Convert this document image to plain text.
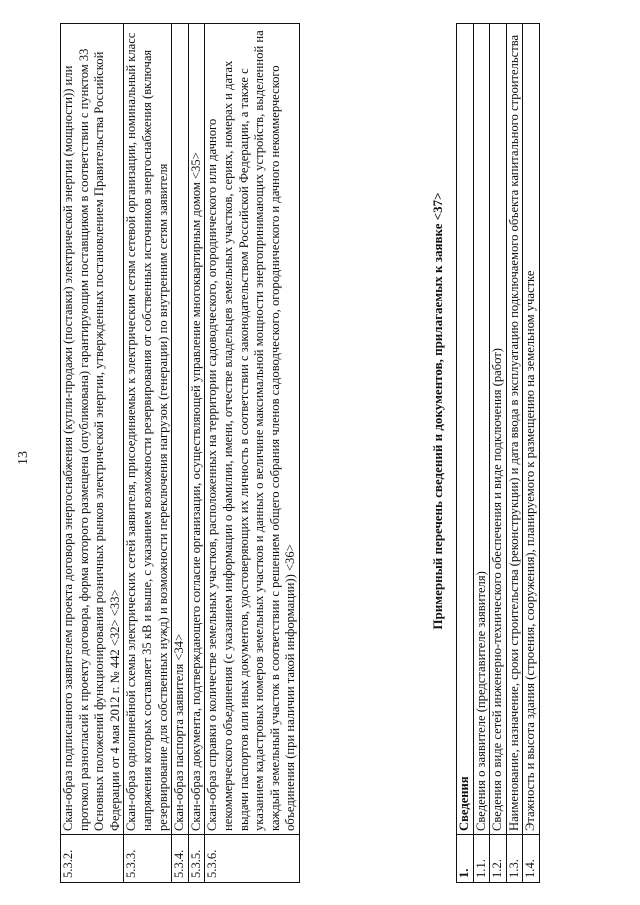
13
5.3.2.	Скан-образ подписанного заявителем проекта договора энергоснабжения (купли-продажи (поставки) электрической энергии (мощности)) или протокол разногласий к проекту договора, форма которого размещена (опубликована) гарантирующим поставщиком в соответствии с пунктом 33 Основных положений функционирования розничных рынков электрической энергии, утвержденных постановлением Правительства Российской Федерации от 4 мая 2012 г. № 442 <32> <33>
5.3.3.	Скан-образ однолинейной схемы электрических сетей заявителя, присоединяемых к электрическим сетям сетевой организации, номинальный класс напряжения которых составляет 35 кВ и выше, с указанием возможности резервирования от собственных источников энергоснабжения (включая резервирование для собственных нужд) и возможности переключения нагрузок (генерации) по внутренним сетям заявителя
5.3.4.	Скан-образ паспорта заявителя <34>
5.3.5.	Скан-образ документа, подтверждающего согласие организации, осуществляющей управление многоквартирным домом <35>
5.3.6.	Скан-образ справки о количестве земельных участков, расположенных на территории садоводческого, огороднического или дачного некоммерческого объединения (с указанием информации о фамилии, имени, отчестве владельцев земельных участков, сериях, номерах и датах выдачи паспортов или иных документов, удостоверяющих их личность в соответствии с законодательством Российской Федерации, а также с указанием кадастровых номеров земельных участков и данных о величине максимальной мощности энергопринимающих устройств, выделенной на каждый земельный участок в соответствии с решением общего собрания членов садоводческого, огороднического и дачного некоммерческого объединения (при наличии такой информации)) <36>
Примерный перечень сведений и документов, прилагаемых к заявке <37>
1.	Сведения
1.1.	Сведения о заявителе (представителе заявителя)
1.2.	Сведения о виде сетей инженерно-технического обеспечения и виде подключения (работ)
1.3.	Наименование, назначение, сроки строительства (реконструкции) и дата ввода в эксплуатацию подключаемого объекта капитального строительства
1.4.	Этажность и высота здания (строения, сооружения), планируемого к размещению на земельном участке
